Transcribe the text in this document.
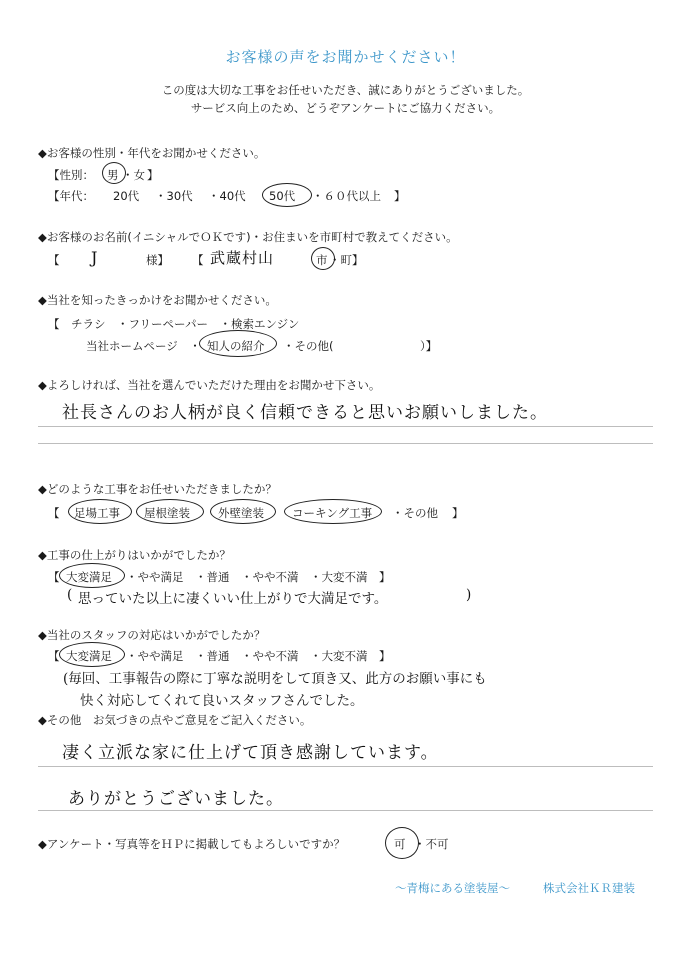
お客様の声をお聞かせください！
この度は大切な工事をお任せいただき、誠にありがとうございました。
サービス向上のため、どうぞアンケートにご協力ください。
◆お客様の性別・年代をお聞かせください。
【性別： 男 ・女 】
【年代： 20代 ・30代 ・40代 50代 ・６０代以上 】
◆お客様のお名前(イニシャルでＯＫです)・お住まいを市町村で教えてください。
【 J	様】 【 武蔵村山	市 ・町】
◆当社を知ったきっかけをお聞かせください。
【　チラシ　・フリーペーパー　・検索エンジン
当社ホームページ　・ 知人の紹介 ・その他(	）】
◆よろしければ、当社を選んでいただけた理由をお聞かせ下さい。
社長さんのお人柄が良く信頼できると思いお願いしました。
◆どのような工事をお任せいただきましたか？
【 足場工事 屋根塗装 外壁塗装 コーキング工事 ・その他 】
◆工事の仕上がりはいかがでしたか？
【 大変満足 ・やや満足　・普通　・やや不満　・大変不満　】
( 思っていた以上に凄くいい仕上がりで大満足です。	)
◆当社のスタッフの対応はいかがでしたか？
【 大変満足 ・やや満足　・普通　・やや不満　・大変不満　】
(毎回、工事報告の際に丁寧な説明をして頂き又、此方のお願い事にも
快く対応してくれて良いスタッフさんでした。
◆その他　お気づきの点やご意見をご記入ください。
凄く立派な家に仕上げて頂き感謝しています。
ありがとうございました。
◆アンケート・写真等をＨＰに掲載してもよろしいですか？	可 ・不可
～青梅にある塗装屋～	株式会社ＫＲ建装
